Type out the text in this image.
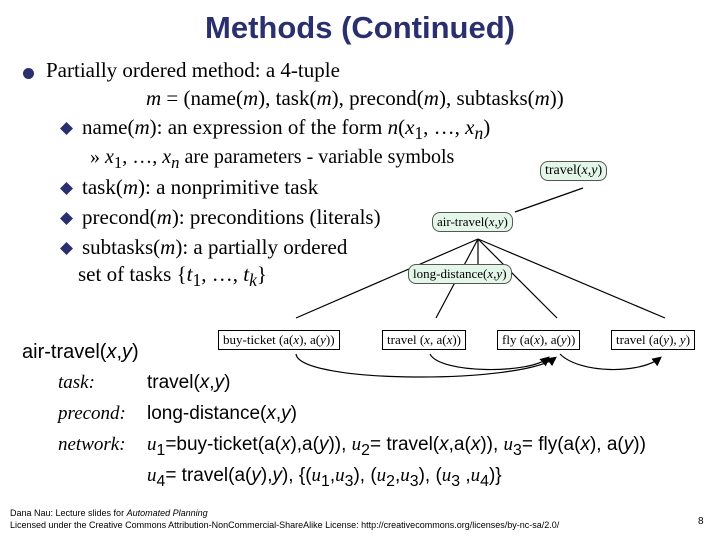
Methods (Continued)
Partially ordered method: a 4-tuple
m = (name(m), task(m), precond(m), subtasks(m))
name(m): an expression of the form $n(x_1$, …, $x_n$)
» $x_1$, …, $x_n$ are parameters - variable symbols
task(m): a nonprimitive task
precond(m): preconditions (literals)
subtasks(m): a partially ordered
set of tasks {$t_1$, …, $t_k$}
travel(x,y)
air-travel(x,y)
long-distance(x,y)
buy-ticket (a(x), a(y))	travel (x, a(x))	fly (a(x), a(y))	travel (a(y), y)
air-travel(x,y)
task:	travel(x,y)
precond: long-distance(x,y)
network: $u_1=buy-ticket(a(x),a(y))$, $u_2=$ travel(x,a(x)), $u_3= fly(a(x)$, a(y))
$u_4=$ travel(a(y),y), {$(u_1,u_3)$, $(u_2,u_3)$, ($u_3$ $,u_4$)}
Dana Nau: Lecture slides for Automated Planning
Licensed under the Creative Commons Attribution-NonCommercial-ShareAlike License: http://creativecommons.org/licenses/by-nc-sa/2.0/	8
